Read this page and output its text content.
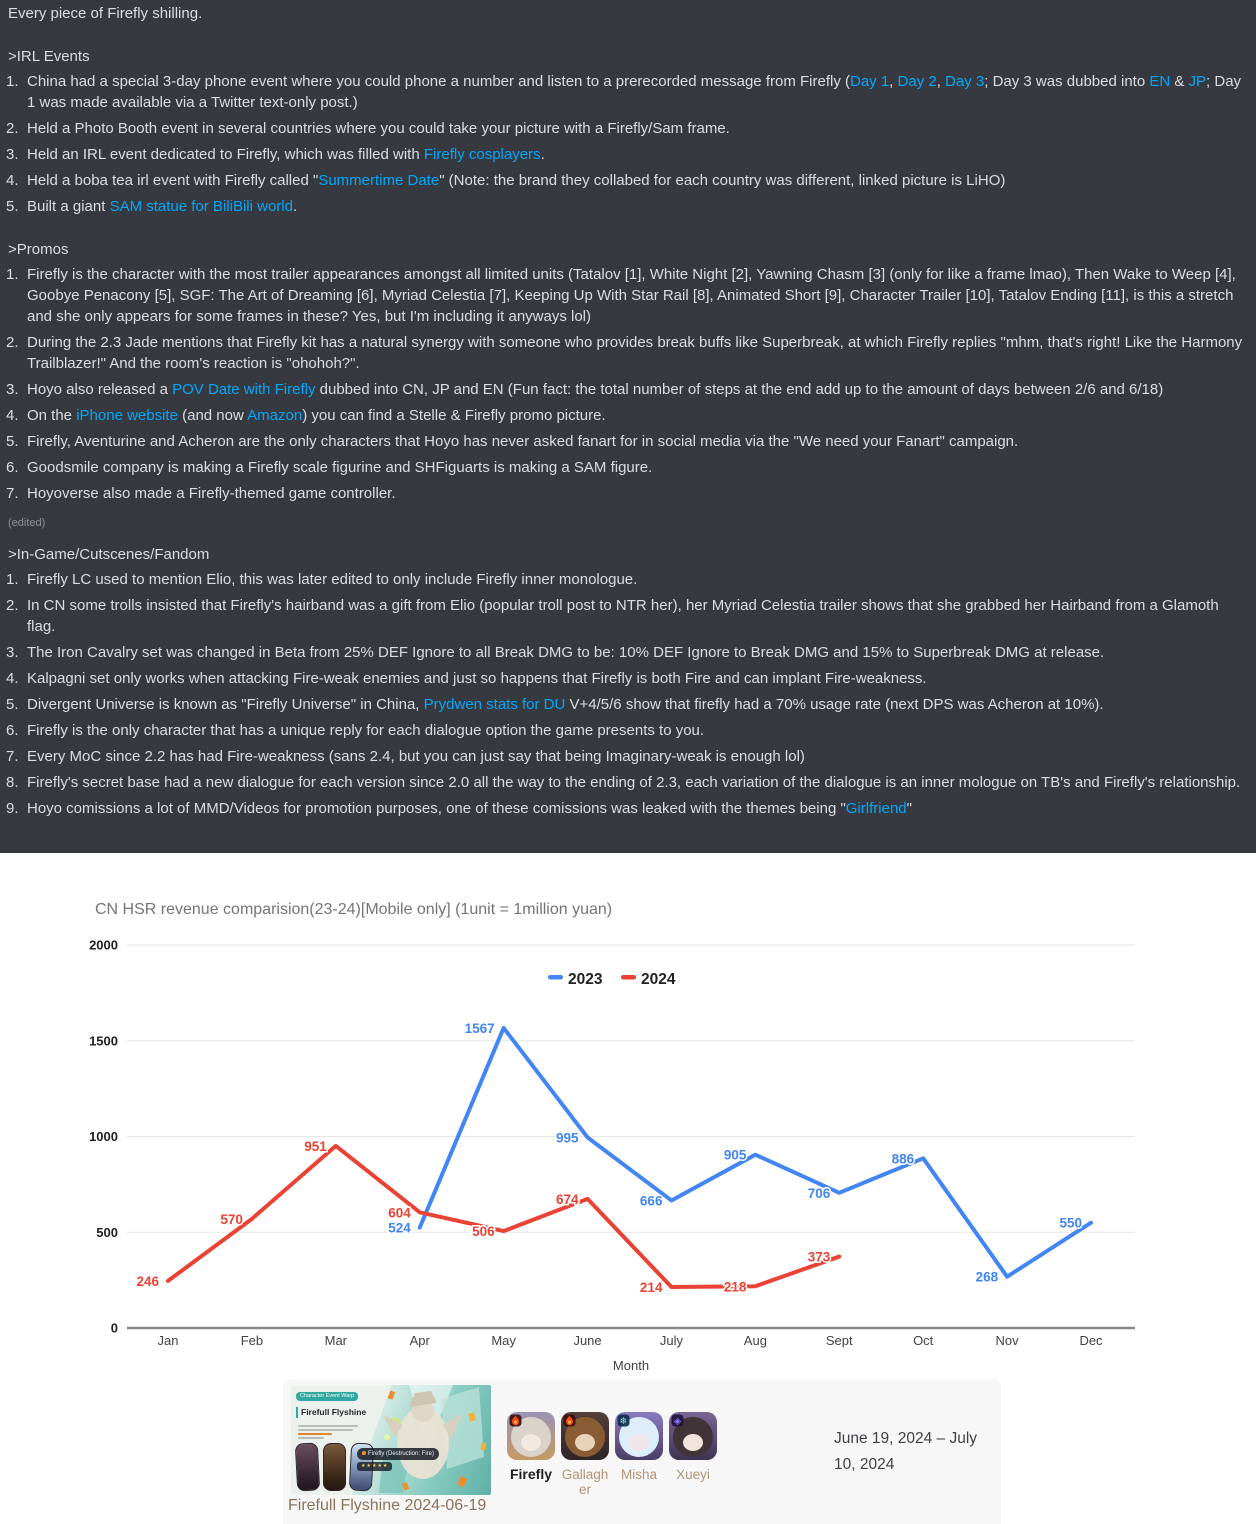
Every piece of Firefly shilling.

>IRL Events
1. China had a special 3-day phone event where you could phone a number and listen to a prerecorded message from Firefly (Day 1, Day 2, Day 3; Day 3 was dubbed into EN & JP; Day 1 was made available via a Twitter text-only post.)
2. Held a Photo Booth event in several countries where you could take your picture with a Firefly/Sam frame.
3. Held an IRL event dedicated to Firefly, which was filled with Firefly cosplayers.
4. Held a boba tea irl event with Firefly called "Summertime Date" (Note: the brand they collabed for each country was different, linked picture is LiHO)
5. Built a giant SAM statue for BiliBili world.
>Promos
1. Firefly is the character with the most trailer appearances amongst all limited units (Tatalov [1], White Night [2], Yawning Chasm [3] (only for like a frame lmao), Then Wake to Weep [4], Goobye Penacony [5], SGF: The Art of Dreaming [6], Myriad Celestia [7], Keeping Up With Star Rail [8], Animated Short [9], Character Trailer [10], Tatalov Ending [11], is this a stretch and she only appears for some frames in these? Yes, but I'm including it anyways lol)
2. During the 2.3 Jade mentions that Firefly kit has a natural synergy with someone who provides break buffs like Superbreak, at which Firefly replies "mhm, that's right! Like the Harmony Trailblazer!" And the room's reaction is "ohohoh?".
3. Hoyo also released a POV Date with Firefly dubbed into CN, JP and EN (Fun fact: the total number of steps at the end add up to the amount of days between 2/6 and 6/18)
4. On the iPhone website (and now Amazon) you can find a Stelle & Firefly promo picture.
5. Firefly, Aventurine and Acheron are the only characters that Hoyo has never asked fanart for in social media via the "We need your Fanart" campaign.
6. Goodsmile company is making a Firefly scale figurine and SHFiguarts is making a SAM figure.
7. Hoyoverse also made a Firefly-themed game controller.
(edited)
>In-Game/Cutscenes/Fandom
1. Firefly LC used to mention Elio, this was later edited to only include Firefly inner monologue.
2. In CN some trolls insisted that Firefly's hairband was a gift from Elio (popular troll post to NTR her), her Myriad Celestia trailer shows that she grabbed her Hairband from a Glamoth flag.
3. The Iron Cavalry set was changed in Beta from 25% DEF Ignore to all Break DMG to be: 10% DEF Ignore to Break DMG and 15% to Superbreak DMG at release.
4. Kalpagni set only works when attacking Fire-weak enemies and just so happens that Firefly is both Fire and can implant Fire-weakness.
5. Divergent Universe is known as "Firefly Universe" in China, Prydwen stats for DU V+4/5/6 show that firefly had a 70% usage rate (next DPS was Acheron at 10%).
6. Firefly is the only character that has a unique reply for each dialogue option the game presents to you.
7. Every MoC since 2.2 has had Fire-weakness (sans 2.4, but you can just say that being Imaginary-weak is enough lol)
8. Firefly's secret base had a new dialogue for each version since 2.0 all the way to the ending of 2.3, each variation of the dialogue is an inner mologue on TB's and Firefly's relationship.
9. Hoyo comissions a lot of MMD/Videos for promotion purposes, one of these comissions was leaked with the themes being "Girlfriend"
CN HSR revenue comparision(23-24)[Mobile only] (1unit = 1million yuan)
0
500
1000
1500
2000
Jan	Feb	Mar	Apr	May	June	July	Aug	Sept	Oct	Nov	Dec
Month
2023 2024
524
1567
995
666
905
706
886
268
550
246
570
951
604
506
674
214	218
373
Character Event Warp
Firefull Flyshine
Firefly (Destruction: Fire)
★★★★★
Firefull Flyshine 2024-06-19
Firefly Gallagher
❄
Misha
◈
Xueyi
June 19, 2024 – July 10, 2024
